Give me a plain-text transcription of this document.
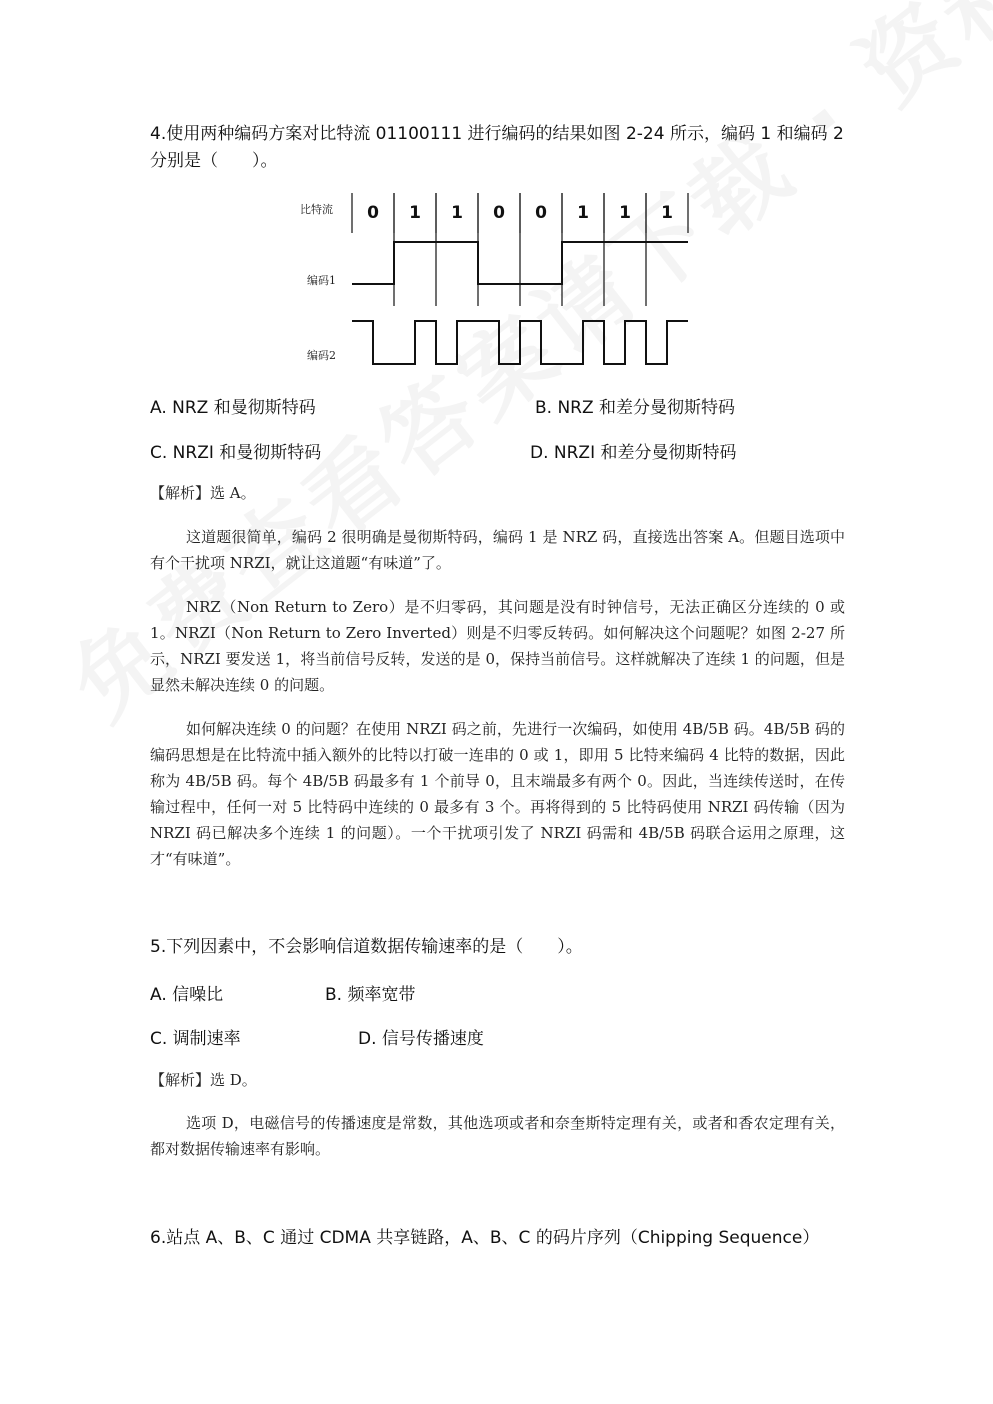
4.使用两种编码方案对比特流 01100111 进行编码的结果如图 2-24 所示，编码 1 和编码 2 分别是（　　）。
比特流
编码1
编码2
0 1 1 0 0 1 1 1
A. NRZ 和曼彻斯特码	B. NRZ 和差分曼彻斯特码
C. NRZI 和曼彻斯特码	D. NRZI 和差分曼彻斯特码
【解析】选 A。
这道题很简单，编码 2 很明确是曼彻斯特码，编码 1 是 NRZ 码，直接选出答案 A。但题目选项中有个干扰项 NRZI，就让这道题“有味道”了。
NRZ（Non Return to Zero）是不归零码，其问题是没有时钟信号，无法正确区分连续的 0 或 1。NRZI（Non Return to Zero Inverted）则是不归零反转码。如何解决这个问题呢？如图 2-27 所示，NRZI 要发送 1，将当前信号反转，发送的是 0，保持当前信号。这样就解决了连续 1 的问题，但是显然未解决连续 0 的问题。
如何解决连续 0 的问题？在使用 NRZI 码之前，先进行一次编码，如使用 4B/5B 码。4B/5B 码的编码思想是在比特流中插入额外的比特以打破一连串的 0 或 1，即用 5 比特来编码 4 比特的数据，因此称为 4B/5B 码。每个 4B/5B 码最多有 1 个前导 0，且末端最多有两个 0。因此，当连续传送时，在传输过程中，任何一对 5 比特码中连续的 0 最多有 3 个。再将得到的 5 比特码使用 NRZI 码传输（因为 NRZI 码已解决多个连续 1 的问题）。一个干扰项引发了 NRZI 码需和 4B/5B 码联合运用之原理，这才“有味道”。
5.下列因素中，不会影响信道数据传输速率的是（　　）。
A. 信噪比	B. 频率宽带
C. 调制速率	D. 信号传播速度
【解析】选 D。
选项 D，电磁信号的传播速度是常数，其他选项或者和奈奎斯特定理有关，或者和香农定理有关，都对数据传输速率有影响。
6.站点 A、B、C 通过 CDMA 共享链路，A、B、C 的码片序列（Chipping Sequence）
